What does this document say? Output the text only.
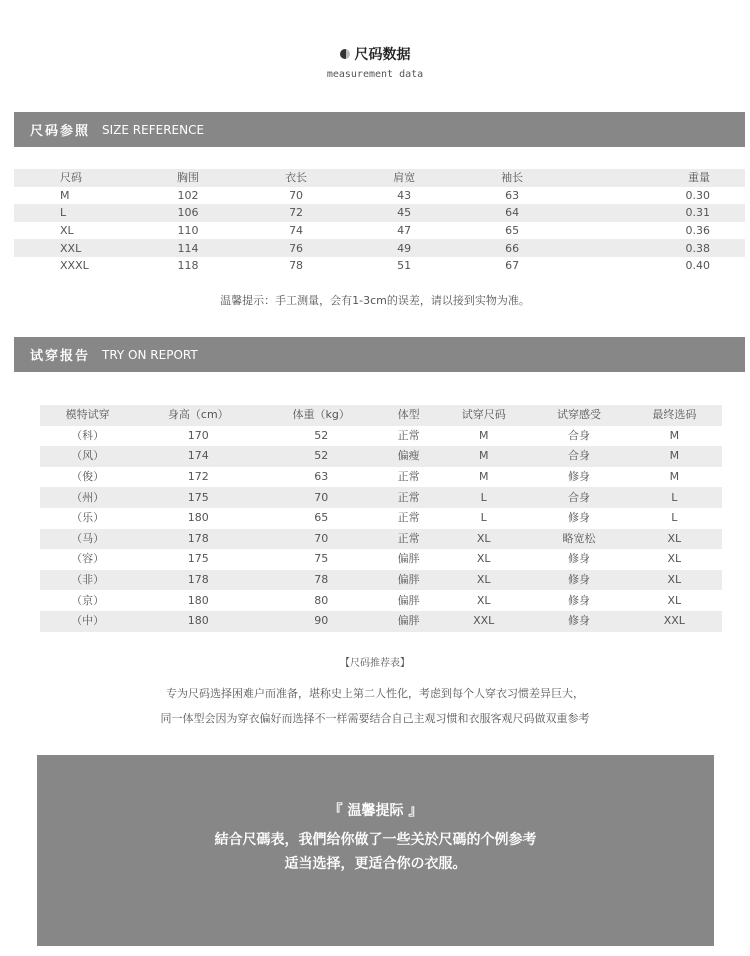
尺码数据
measurement data
尺码参照 SIZE REFERENCE
尺码	胸围	衣长	肩宽	袖长	重量
M	102	70	43	63	0.30
L	106	72	45	64	0.31
XL	110	74	47	65	0.36
XXL	114	76	49	66	0.38
XXXL	118	78	51	67	0.40
温馨提示：手工测量，会有1-3cm的误差，请以接到实物为准。
试穿报告 TRY ON REPORT
模特试穿	身高（cm）	体重（kg）	体型	试穿尺码	试穿感受	最终选码
（科）	170	52	正常	M	合身	M
（风）	174	52	偏瘦	M	合身	M
（俊）	172	63	正常	M	修身	M
（州）	175	70	正常	L	合身	L
（乐）	180	65	正常	L	修身	L
（马）	178	70	正常	XL	略宽松	XL
（容）	175	75	偏胖	XL	修身	XL
（非）	178	78	偏胖	XL	修身	XL
（京）	180	80	偏胖	XL	修身	XL
（中）	180	90	偏胖	XXL	修身	XXL
【尺码推荐表】
专为尺码选择困难户而准备，堪称史上第二人性化，考虑到每个人穿衣习惯差异巨大，
同一体型会因为穿衣偏好而选择不一样需要结合自己主观习惯和衣服客观尺码做双重参考
『 温馨提际 』
結合尺碼表，我們给你做了一些关於尺碼的个例参考
适当选择，更适合你の衣服。
